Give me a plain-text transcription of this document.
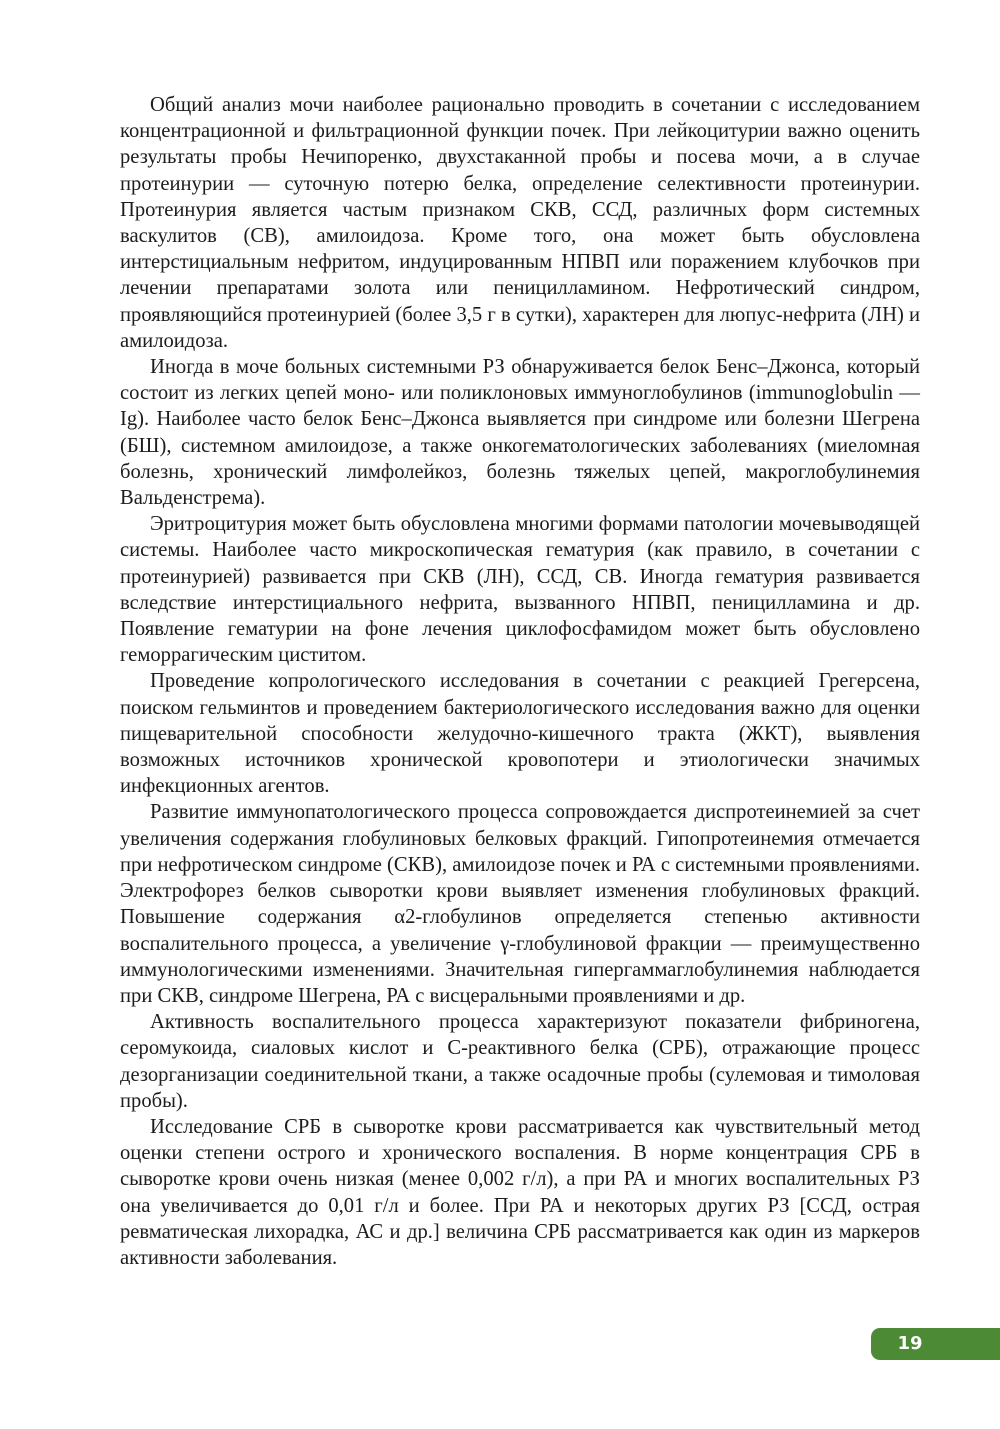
Общий анализ мочи наиболее рационально проводить в сочетании с исследованием концентрационной и фильтрационной функции почек. При лейкоцитурии важно оценить результаты пробы Нечипоренко, двухстаканной пробы и посева мочи, а в случае протеинурии — суточную потерю белка, определение селективности протеинурии. Протеинурия является частым признаком СКВ, ССД, различных форм системных васкулитов (СВ), амилоидоза. Кроме того, она может быть обусловлена интерстициальным нефритом, индуцированным НПВП или поражением клубочков при лечении препаратами золота или пеницилламином. Нефротический синдром, проявляющийся протеинурией (более 3,5 г в сутки), характерен для люпус-нефрита (ЛН) и амилоидоза.

Иногда в моче больных системными РЗ обнаруживается белок Бенс–Джонса, который состоит из легких цепей моно- или поликлоновых иммуноглобулинов (immunoglobulin — Ig). Наиболее часто белок Бенс–Джонса выявляется при синдроме или болезни Шегрена (БШ), системном амилоидозе, а также онкогематологических заболеваниях (миеломная болезнь, хронический лимфолейкоз, болезнь тяжелых цепей, макроглобулинемия Вальденстрема).

Эритроцитурия может быть обусловлена многими формами патологии мочевыводящей системы. Наиболее часто микроскопическая гематурия (как правило, в сочетании с протеинурией) развивается при СКВ (ЛН), ССД, СВ. Иногда гематурия развивается вследствие интерстициального нефрита, вызванного НПВП, пеницилламина и др. Появление гематурии на фоне лечения циклофосфамидом может быть обусловлено геморрагическим циститом.

Проведение копрологического исследования в сочетании с реакцией Грегерсена, поиском гельминтов и проведением бактериологического исследования важно для оценки пищеварительной способности желудочно-кишечного тракта (ЖКТ), выявления возможных источников хронической кровопотери и этиологически значимых инфекционных агентов.

Развитие иммунопатологического процесса сопровождается диспротеинемией за счет увеличения содержания глобулиновых белковых фракций. Гипопротеинемия отмечается при нефротическом синдроме (СКВ), амилоидозе почек и РА с системными проявлениями. Электрофорез белков сыворотки крови выявляет изменения глобулиновых фракций. Повышение содержания α2-глобулинов определяется степенью активности воспалительного процесса, а увеличение γ-глобулиновой фракции — преимущественно иммунологическими изменениями. Значительная гипергаммаглобулинемия наблюдается при СКВ, синдроме Шегрена, РА с висцеральными проявлениями и др.

Активность воспалительного процесса характеризуют показатели фибриногена, серомукоида, сиаловых кислот и С-реактивного белка (СРБ), отражающие процесс дезорганизации соединительной ткани, а также осадочные пробы (сулемовая и тимоловая пробы).

Исследование СРБ в сыворотке крови рассматривается как чувствительный метод оценки степени острого и хронического воспаления. В норме концентрация СРБ в сыворотке крови очень низкая (менее 0,002 г/л), а при РА и многих воспалительных РЗ она увеличивается до 0,01 г/л и более. При РА и некоторых других РЗ [ССД, острая ревматическая лихорадка, АС и др.] величина СРБ рассматривается как один из маркеров активности заболевания.

19
